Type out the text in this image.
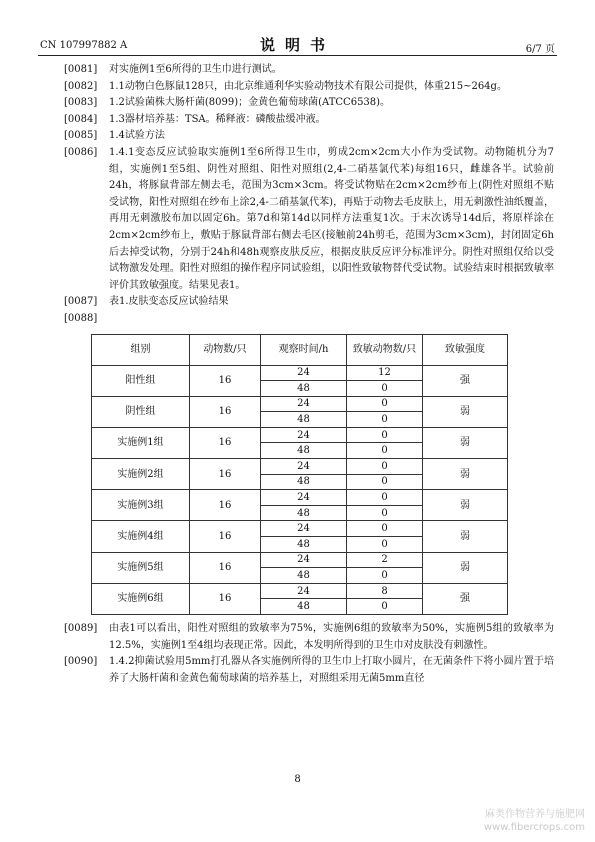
CN 107997882 A	说明书	6/7 页
[0081]	对实施例1至6所得的卫生巾进行测试。
[0082]	1.1动物白色豚鼠128只，由北京维通利华实验动物技术有限公司提供，体重215~264g。
[0083]	1.2试验菌株大肠杆菌(8099)；金黄色葡萄球菌(ATCC6538)。
[0084]	1.3器材培养基：TSA。稀释液：磷酸盐缓冲液。
[0085]	1.4试验方法
[0086]	1.4.1变态反应试验取实施例1至6所得卫生巾，剪成2cm×2cm大小作为受试物。动物随机分为7组，实施例1至5组、阴性对照组、阳性对照组(2,4-二硝基氯代苯)每组16只，雌雄各半。试验前24h，将豚鼠背部左侧去毛，范围为3cm×3cm。将受试物贴在2cm×2cm纱布上(阴性对照组不贴受试物，阳性对照组在纱布上涂2,4-二硝基氯代苯)，再贴于动物去毛皮肤上，用无刺激性油纸覆盖，再用无刺激胶布加以固定6h。第7d和第14d以同样方法重复1次。于末次诱导14d后，将原样涂在2cm×2cm纱布上，敷贴于豚鼠背部右侧去毛区(接触前24h剪毛，范围为3cm×3cm)，封闭固定6h后去掉受试物，分别于24h和48h观察皮肤反应，根据皮肤反应评分标准评分。阴性对照组仅给以受试物激发处理。阳性对照组的操作程序同试验组，以阳性致敏物替代受试物。试验结束时根据致敏率评价其致敏强度。结果见表1。
[0087]	表1.皮肤变态反应试验结果
[0088]
组别	动物数/只	观察时间/h	致敏动物数/只	致敏强度
阳性组	16	24	12	强
		48	0	
阴性组	16	24	0	弱
		48	0	
实施例1组	16	24	0	弱
		48	0	
实施例2组	16	24	0	弱
		48	0	
实施例3组	16	24	0	弱
		48	0	
实施例4组	16	24	0	弱
		48	0	
实施例5组	16	24	2	弱
		48	0	
实施例6组	16	24	8	强
		48	0	
[0089]	由表1可以看出，阳性对照组的致敏率为75%，实施例6组的致敏率为50%，实施例5组的致敏率为12.5%，实施例1至4组均表现正常。因此，本发明所得到的卫生巾对皮肤没有刺激性。
[0090]	1.4.2抑菌试验用5mm打孔器从各实施例所得的卫生巾上打取小圆片，在无菌条件下将小圆片置于培养了大肠杆菌和金黄色葡萄球菌的培养基上，对照组采用无菌5mm直径
8
麻类作物营养与施肥网
www.fibercrops.com
